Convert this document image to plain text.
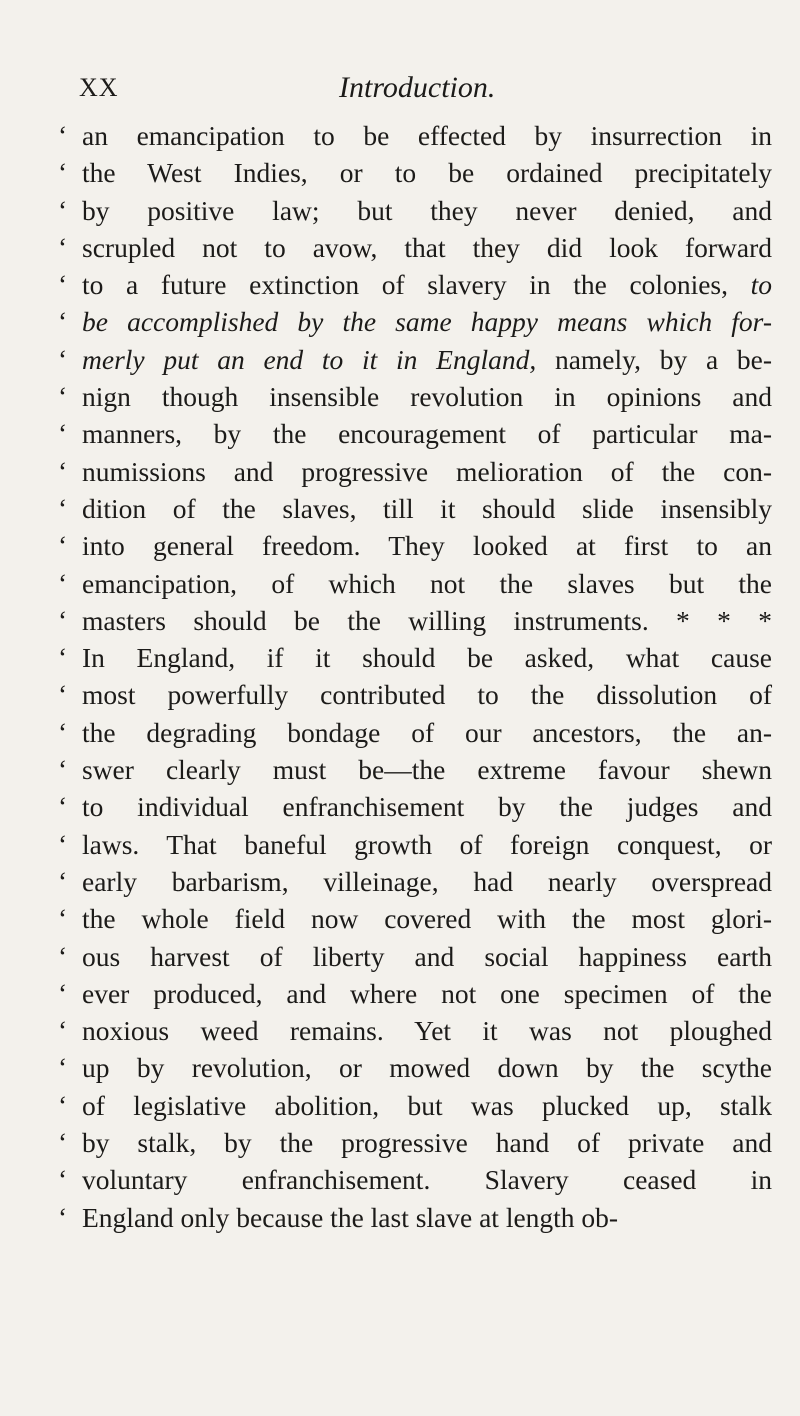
XX	Introduction.
‘ an emancipation to be effected by insurrection in
‘ the West Indies, or to be ordained precipitately
‘ by positive law; but they never denied, and
‘ scrupled not to avow, that they did look forward
‘ to a future extinction of slavery in the colonies, to
‘ be accomplished by the same happy means which for-
‘ merly put an end to it in England, namely, by a be-
‘ nign though insensible revolution in opinions and
‘ manners, by the encouragement of particular ma-
‘ numissions and progressive melioration of the con-
‘ dition of the slaves, till it should slide insensibly
‘ into general freedom. They looked at first to an
‘ emancipation, of which not the slaves but the
‘ masters should be the willing instruments. * * *
‘ In England, if it should be asked, what cause
‘ most powerfully contributed to the dissolution of
‘ the degrading bondage of our ancestors, the an-
‘ swer clearly must be—the extreme favour shewn
‘ to individual enfranchisement by the judges and
‘ laws. That baneful growth of foreign conquest, or
‘ early barbarism, villeinage, had nearly overspread
‘ the whole field now covered with the most glori-
‘ ous harvest of liberty and social happiness earth
‘ ever produced, and where not one specimen of the
‘ noxious weed remains. Yet it was not ploughed
‘ up by revolution, or mowed down by the scythe
‘ of legislative abolition, but was plucked up, stalk
‘ by stalk, by the progressive hand of private and
‘ voluntary enfranchisement. Slavery ceased in
‘ England only because the last slave at length ob-
